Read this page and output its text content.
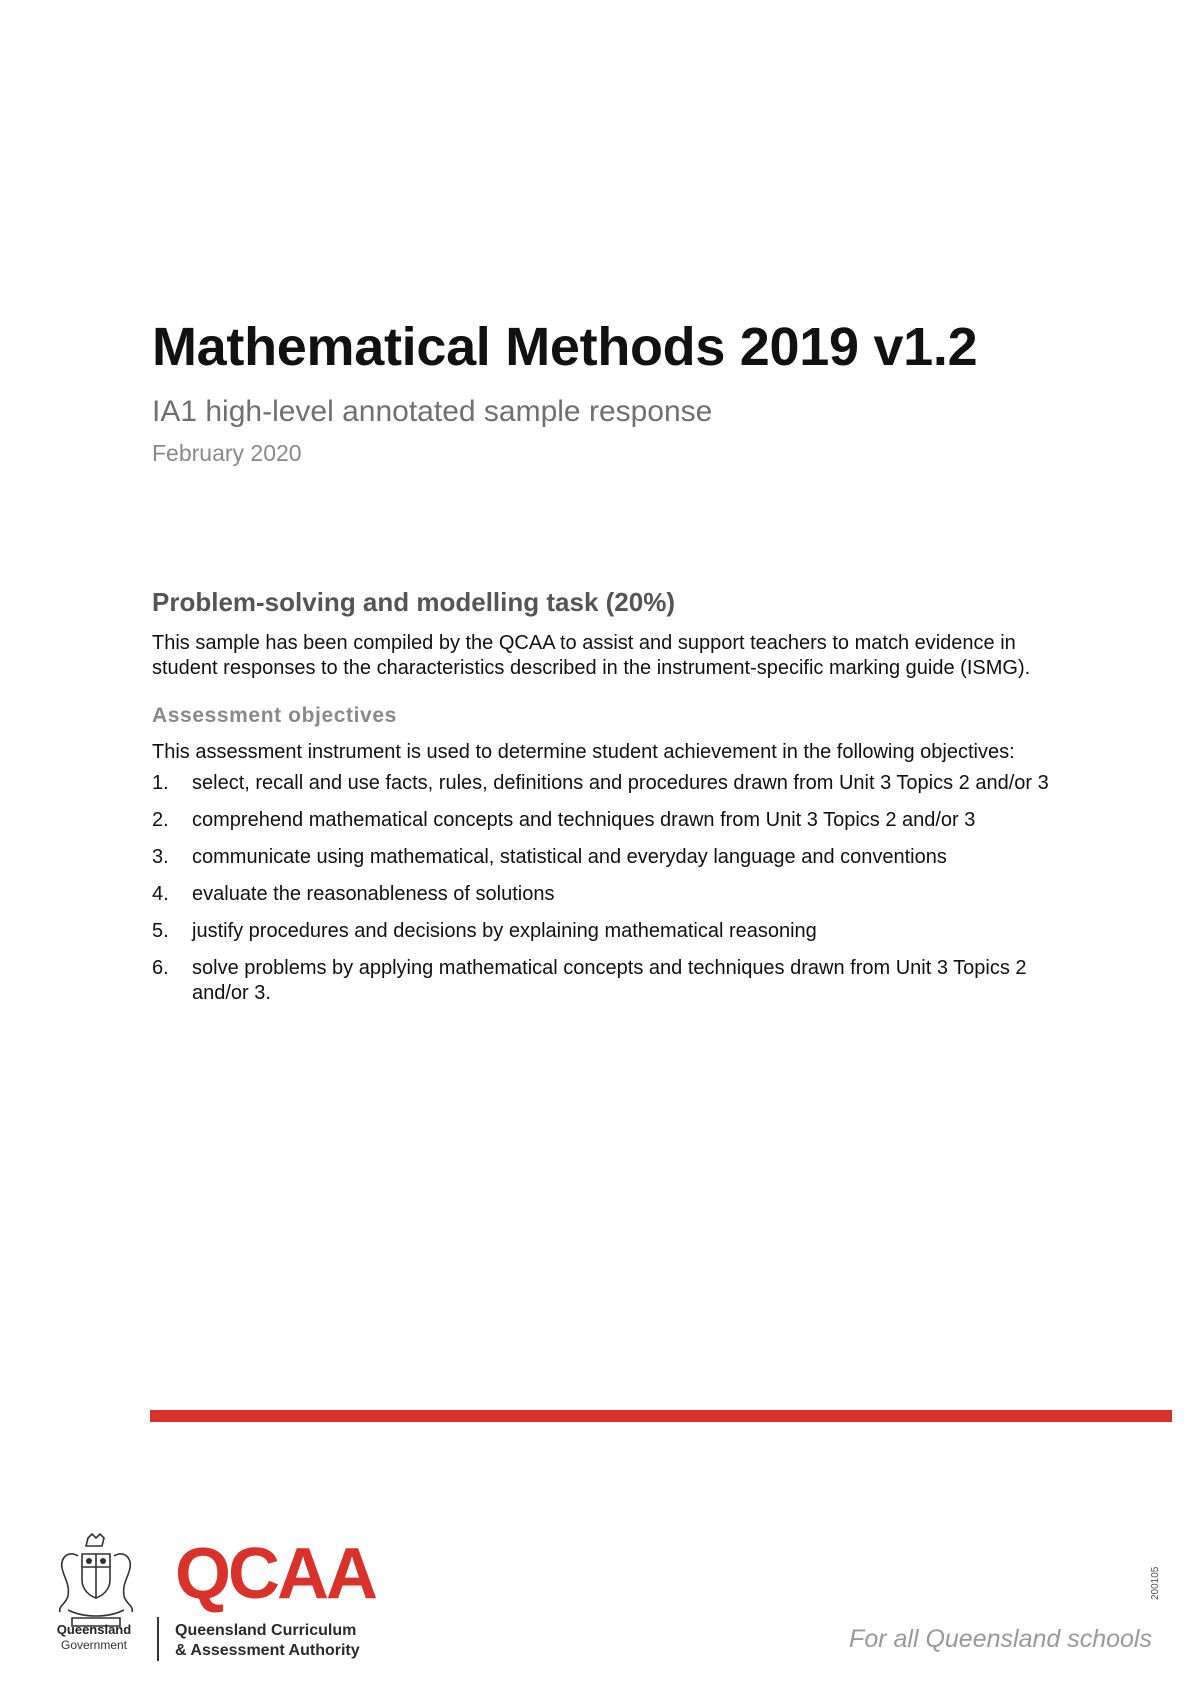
Mathematical Methods 2019 v1.2

IA1 high-level annotated sample response

February 2020

Problem-solving and modelling task (20%)

This sample has been compiled by the QCAA to assist and support teachers to match evidence in student responses to the characteristics described in the instrument-specific marking guide (ISMG).

Assessment objectives

This assessment instrument is used to determine student achievement in the following objectives:

1.	select, recall and use facts, rules, definitions and procedures drawn from Unit 3 Topics 2 and/or 3
2.	comprehend mathematical concepts and techniques drawn from Unit 3 Topics 2 and/or 3
3.	communicate using mathematical, statistical and everyday language and conventions
4.	evaluate the reasonableness of solutions
5.	justify procedures and decisions by explaining mathematical reasoning
6.	solve problems by applying mathematical concepts and techniques drawn from Unit 3 Topics 2 and/or 3.
Queensland
Government
QCAA
Queensland Curriculum
& Assessment Authority	For all Queensland schools

200105
